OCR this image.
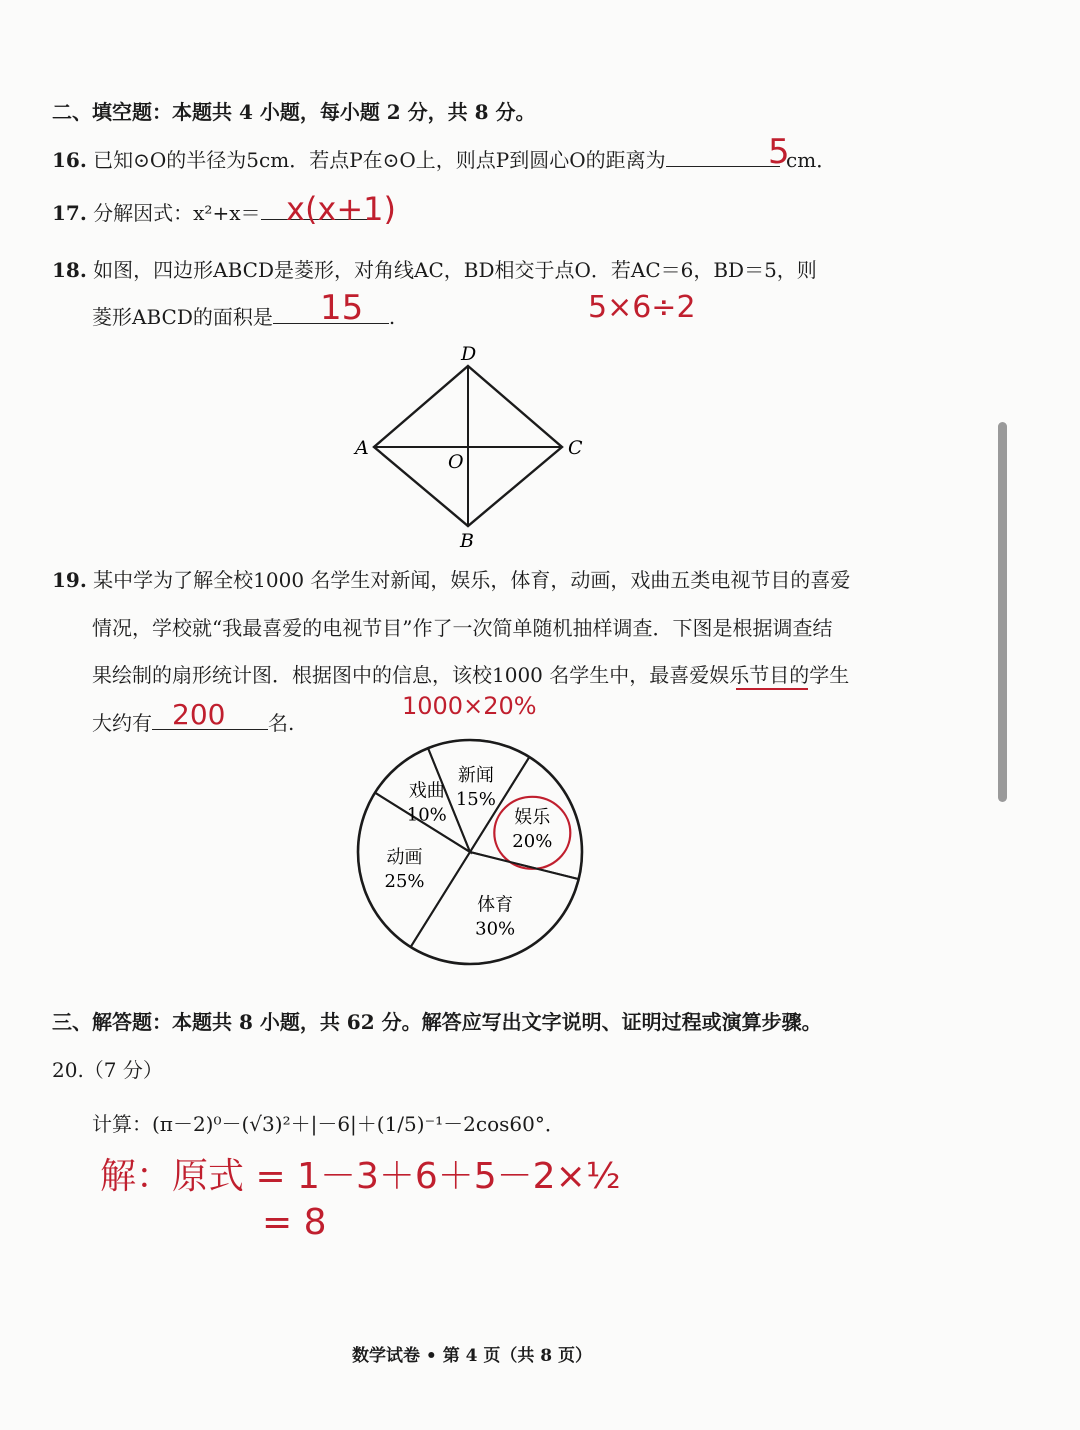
二、填空题：本题共 4 小题，每小题 2 分，共 8 分。
16. 已知⊙O的半径为5cm．若点P在⊙O上，则点P到圆心O的距离为	cm．
5
17. 分解因式：x²+x＝ x(x+1)
18. 如图，四边形ABCD是菱形，对角线AC，BD相交于点O．若AC＝6，BD＝5，则
菱形ABCD的面积是	.
15	5×6÷2
D
A	C
O
B
19. 某中学为了解全校1000 名学生对新闻，娱乐，体育，动画，戏曲五类电视节目的喜爱
情况，学校就“我最喜爱的电视节目”作了一次简单随机抽样调查．下图是根据调查结
果绘制的扇形统计图．根据图中的信息，该校1000 名学生中，最喜爱娱乐节目的学生
大约有	名.
200	1000×20%
新闻
15%
娱乐
20%
体育
30%
动画
25%
戏曲
10%
三、解答题：本题共 8 小题，共 62 分。解答应写出文字说明、证明过程或演算步骤。
20.（7 分）
计算：(π－2)⁰－(√3)²＋|－6|＋(1/5)⁻¹－2cos60°．
解：原式 = 1－3＋6＋5－2×½
= 8
数学试卷 • 第 4 页（共 8 页）
